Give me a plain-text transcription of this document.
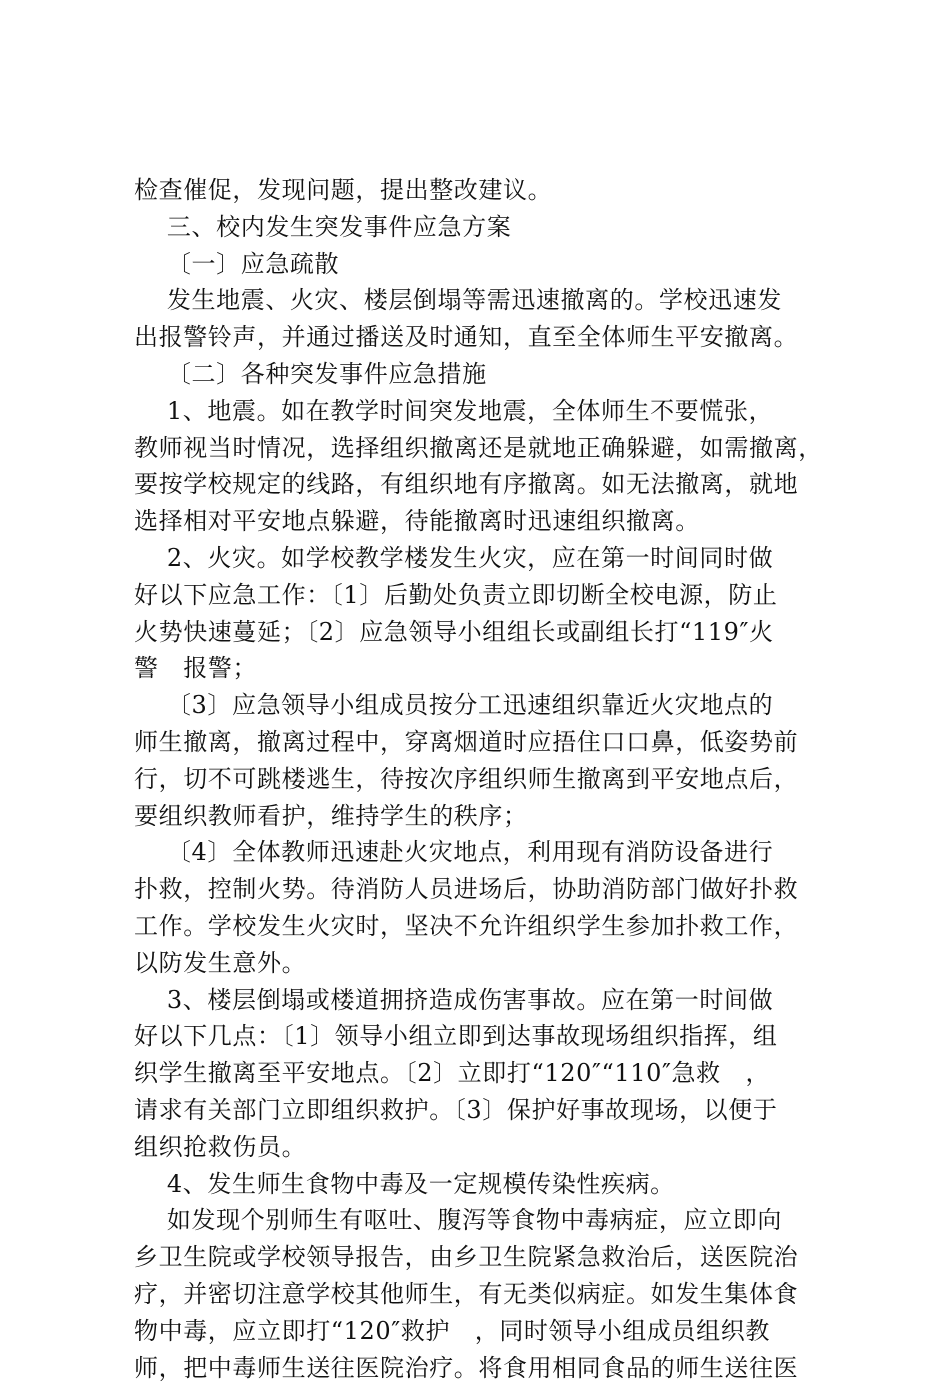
检查催促，发现问题，提出整改建议。

三、校内发生突发事件应急方案

〔一〕应急疏散

发生地震、火灾、楼层倒塌等需迅速撤离的。学校迅速发

出报警铃声，并通过播送及时通知，直至全体师生平安撤离。

〔二〕各种突发事件应急措施

1、地震。如在教学时间突发地震，全体师生不要慌张，

教师视当时情况，选择组织撤离还是就地正确躲避，如需撤离，

要按学校规定的线路，有组织地有序撤离。如无法撤离，就地

选择相对平安地点躲避，待能撤离时迅速组织撤离。

2、火灾。如学校教学楼发生火灾，应在第一时间同时做

好以下应急工作：〔1〕后勤处负责立即切断全校电源，防止

火势快速蔓延；〔2〕应急领导小组组长或副组长打“119″火

警   报警；

〔3〕应急领导小组成员按分工迅速组织靠近火灾地点的

师生撤离，撤离过程中，穿离烟道时应捂住口口鼻，低姿势前

行，切不可跳楼逃生，待按次序组织师生撤离到平安地点后，

要组织教师看护，维持学生的秩序；

〔4〕全体教师迅速赴火灾地点，利用现有消防设备进行

扑救，控制火势。待消防人员进场后，协助消防部门做好扑救

工作。学校发生火灾时，坚决不允许组织学生参加扑救工作，

以防发生意外。

3、楼层倒塌或楼道拥挤造成伤害事故。应在第一时间做

好以下几点：〔1〕领导小组立即到达事故现场组织指挥，组

织学生撤离至平安地点。〔2〕立即打“120″“110″急救   ，

请求有关部门立即组织救护。〔3〕保护好事故现场，以便于

组织抢救伤员。

4、发生师生食物中毒及一定规模传染性疾病。

如发现个别师生有呕吐、腹泻等食物中毒病症，应立即向

乡卫生院或学校领导报告，由乡卫生院紧急救治后，送医院治

疗，并密切注意学校其他师生，有无类似病症。如发生集体食

物中毒，应立即打“120″救护   ，同时领导小组成员组织教

师，把中毒师生送往医院治疗。将食用相同食品的师生送往医
